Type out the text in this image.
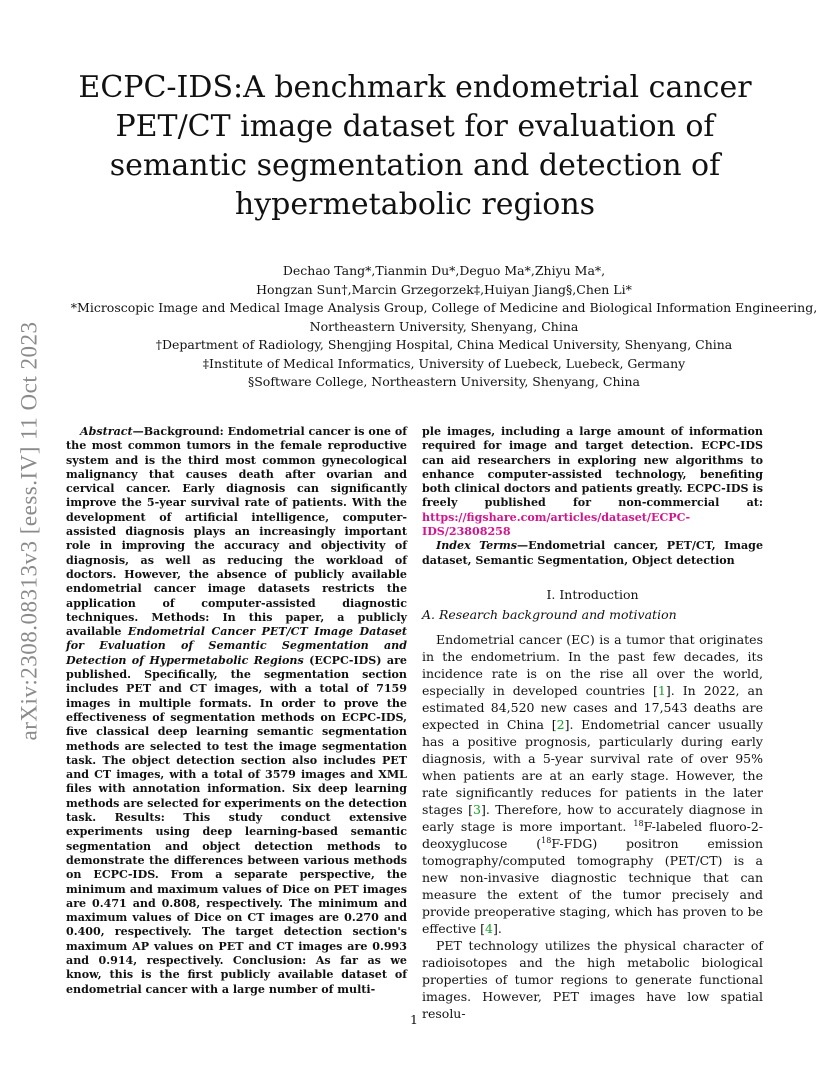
arXiv:2308.08313v3 [eess.IV] 11 Oct 2023
ECPC-IDS:A benchmark endometrial cancer PET/CT image dataset for evaluation of semantic segmentation and detection of hypermetabolic regions
Dechao Tang*,Tianmin Du*,Deguo Ma*,Zhiyu Ma*,
Hongzan Sun†,Marcin Grzegorzek‡,Huiyan Jiang§,Chen Li*
*Microscopic Image and Medical Image Analysis Group, College of Medicine and Biological Information Engineering,
Northeastern University, Shenyang, China
†Department of Radiology, Shengjing Hospital, China Medical University, Shenyang, China
‡Institute of Medical Informatics, University of Luebeck, Luebeck, Germany
§Software College, Northeastern University, Shenyang, China

Abstract—Background: Endometrial cancer is one of the most common tumors in the female reproductive system and is the third most common gynecological malignancy that causes death after ovarian and cervical cancer. Early diagnosis can significantly improve the 5-year survival rate of patients. With the development of artificial intelligence, computer-assisted diagnosis plays an increasingly important role in improving the accuracy and objectivity of diagnosis, as well as reducing the workload of doctors. However, the absence of publicly available endometrial cancer image datasets restricts the application of computer-assisted diagnostic techniques. Methods: In this paper, a publicly available Endometrial Cancer PET/CT Image Dataset for Evaluation of Semantic Segmentation and Detection of Hypermetabolic Regions (ECPC-IDS) are published. Specifically, the segmentation section includes PET and CT images, with a total of 7159 images in multiple formats. In order to prove the effectiveness of segmentation methods on ECPC-IDS, five classical deep learning semantic segmentation methods are selected to test the image segmentation task. The object detection section also includes PET and CT images, with a total of 3579 images and XML files with annotation information. Six deep learning methods are selected for experiments on the detection task. Results: This study conduct extensive experiments using deep learning-based semantic segmentation and object detection methods to demonstrate the differences between various methods on ECPC-IDS. From a separate perspective, the minimum and maximum values of Dice on PET images are 0.471 and 0.808, respectively. The minimum and maximum values of Dice on CT images are 0.270 and 0.400, respectively. The target detection section's maximum AP values on PET and CT images are 0.993 and 0.914, respectively. Conclusion: As far as we know, this is the first publicly available dataset of endometrial cancer with a large number of multi-

ple images, including a large amount of information required for image and target detection. ECPC-IDS can aid researchers in exploring new algorithms to enhance computer-assisted technology, benefiting both clinical doctors and patients greatly. ECPC-IDS is freely published for non-commercial at: https://figshare.com/articles/dataset/ECPC-IDS/23808258

Index Terms—Endometrial cancer, PET/CT, Image dataset, Semantic Segmentation, Object detection

I. Introduction
A. Research background and motivation

Endometrial cancer (EC) is a tumor that originates in the endometrium. In the past few decades, its incidence rate is on the rise all over the world, especially in developed countries [1]. In 2022, an estimated 84,520 new cases and 17,543 deaths are expected in China [2]. Endometrial cancer usually has a positive prognosis, particularly during early diagnosis, with a 5-year survival rate of over 95% when patients are at an early stage. However, the rate significantly reduces for patients in the later stages [3]. Therefore, how to accurately diagnose in early stage is more important. $^{18}$F-labeled fluoro-2-deoxyglucose ($^{18}$F-FDG) positron emission tomography/computed tomography (PET/CT) is a new non-invasive diagnostic technique that can measure the extent of the tumor precisely and provide preoperative staging, which has proven to be effective [4].

PET technology utilizes the physical character of radioisotopes and the high metabolic biological properties of tumor regions to generate functional images. However, PET images have low spatial resolu-

1
